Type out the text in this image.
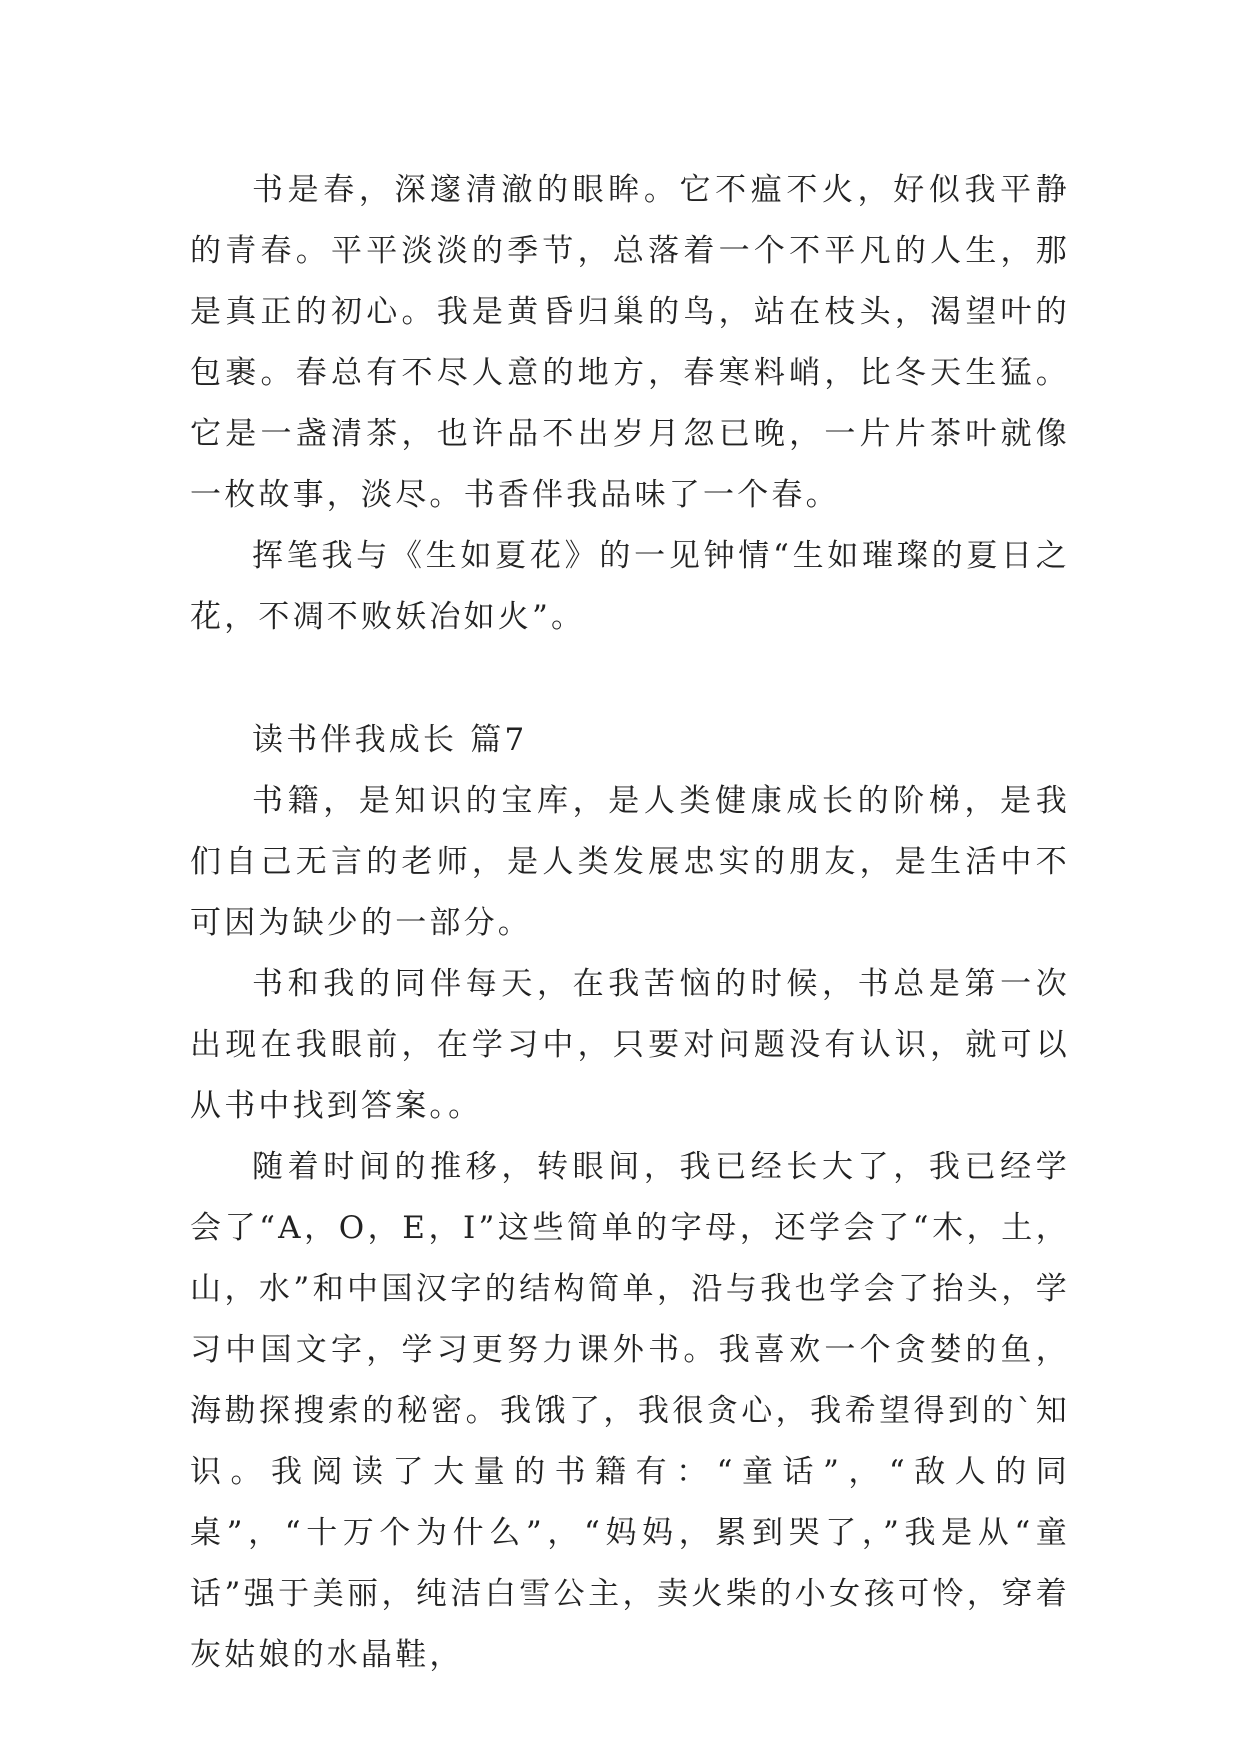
书是春，深邃清澈的眼眸。它不瘟不火，好似我平静的青春。平平淡淡的季节，总落着一个不平凡的人生，那是真正的初心。我是黄昏归巢的鸟，站在枝头，渴望叶的包裹。春总有不尽人意的地方，春寒料峭，比冬天生猛。它是一盏清茶，也许品不出岁月忽已晚，一片片茶叶就像一枚故事，淡尽。书香伴我品味了一个春。

挥笔我与《生如夏花》的一见钟情“生如璀璨的夏日之花，不凋不败妖冶如火”。

读书伴我成长 篇7

书籍，是知识的宝库，是人类健康成长的阶梯，是我们自己无言的老师，是人类发展忠实的朋友，是生活中不可因为缺少的一部分。

书和我的同伴每天，在我苦恼的时候，书总是第一次出现在我眼前，在学习中，只要对问题没有认识，就可以从书中找到答案。。

随着时间的推移，转眼间，我已经长大了，我已经学会了“A，O，E，I”这些简单的字母，还学会了“木，土，山，水”和中国汉字的结构简单，沿与我也学会了抬头，学习中国文字，学习更努力课外书。我喜欢一个贪婪的鱼，海勘探搜索的秘密。我饿了，我很贪心，我希望得到的`知识。我阅读了大量的书籍有：“童话”，“敌人的同桌”，“十万个为什么”，“妈妈，累到哭了，”我是从“童话”强于美丽，纯洁白雪公主，卖火柴的小女孩可怜，穿着灰姑娘的水晶鞋，
